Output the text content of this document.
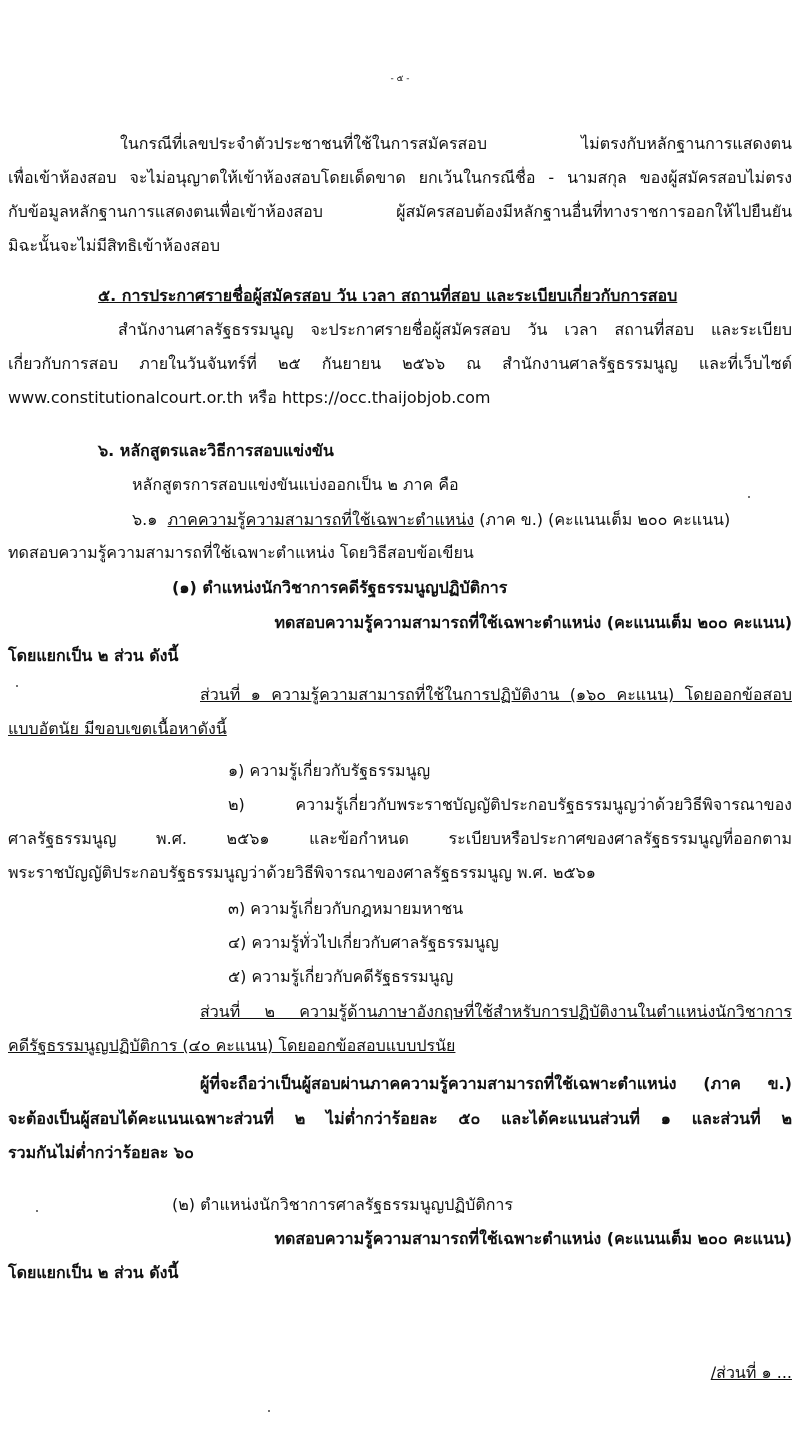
- ๕ -
ในกรณีที่เลขประจำตัวประชาชนที่ใช้ในการสมัครสอบ ไม่ตรงกับหลักฐานการแสดงตน
เพื่อเข้าห้องสอบ จะไม่อนุญาตให้เข้าห้องสอบโดยเด็ดขาด ยกเว้นในกรณีชื่อ - นามสกุล ของผู้สมัครสอบไม่ตรง
กับข้อมูลหลักฐานการแสดงตนเพื่อเข้าห้องสอบ ผู้สมัครสอบต้องมีหลักฐานอื่นที่ทางราชการออกให้ไปยืนยัน
มิฉะนั้นจะไม่มีสิทธิเข้าห้องสอบ
๕. การประกาศรายชื่อผู้สมัครสอบ วัน เวลา สถานที่สอบ และระเบียบเกี่ยวกับการสอบ
สำนักงานศาลรัฐธรรมนูญ จะประกาศรายชื่อผู้สมัครสอบ วัน เวลา สถานที่สอบ และระเบียบ
เกี่ยวกับการสอบ ภายในวันจันทร์ที่ ๒๕ กันยายน ๒๕๖๖ ณ สำนักงานศาลรัฐธรรมนูญ และที่เว็บไซต์
www.constitutionalcourt.or.th หรือ https://occ.thaijobjob.com
๖. หลักสูตรและวิธีการสอบแข่งขัน
หลักสูตรการสอบแข่งขันแบ่งออกเป็น ๒ ภาค คือ
๖.๑ ภาคความรู้ความสามารถที่ใช้เฉพาะตำแหน่ง (ภาค ข.) (คะแนนเต็ม ๒๐๐ คะแนน)
ทดสอบความรู้ความสามารถที่ใช้เฉพาะตำแหน่ง โดยวิธีสอบข้อเขียน
(๑) ตำแหน่งนักวิชาการคดีรัฐธรรมนูญปฏิบัติการ
ทดสอบความรู้ความสามารถที่ใช้เฉพาะตำแหน่ง (คะแนนเต็ม ๒๐๐ คะแนน)
โดยแยกเป็น ๒ ส่วน ดังนี้
ส่วนที่ ๑ ความรู้ความสามารถที่ใช้ในการปฏิบัติงาน (๑๖๐ คะแนน) โดยออกข้อสอบ
แบบอัตนัย มีขอบเขตเนื้อหาดังนี้
๑) ความรู้เกี่ยวกับรัฐธรรมนูญ
๒) ความรู้เกี่ยวกับพระราชบัญญัติประกอบรัฐธรรมนูญว่าด้วยวิธีพิจารณาของ
ศาลรัฐธรรมนูญ พ.ศ. ๒๕๖๑ และข้อกำหนด ระเบียบหรือประกาศของศาลรัฐธรรมนูญที่ออกตาม
พระราชบัญญัติประกอบรัฐธรรมนูญว่าด้วยวิธีพิจารณาของศาลรัฐธรรมนูญ พ.ศ. ๒๕๖๑
๓) ความรู้เกี่ยวกับกฎหมายมหาชน
๔) ความรู้ทั่วไปเกี่ยวกับศาลรัฐธรรมนูญ
๕) ความรู้เกี่ยวกับคดีรัฐธรรมนูญ
ส่วนที่ ๒ ความรู้ด้านภาษาอังกฤษที่ใช้สำหรับการปฏิบัติงานในตำแหน่งนักวิชาการ
คดีรัฐธรรมนูญปฏิบัติการ (๔๐ คะแนน) โดยออกข้อสอบแบบปรนัย
ผู้ที่จะถือว่าเป็นผู้สอบผ่านภาคความรู้ความสามารถที่ใช้เฉพาะตำแหน่ง (ภาค ข.)
จะต้องเป็นผู้สอบได้คะแนนเฉพาะส่วนที่ ๒ ไม่ต่ำกว่าร้อยละ ๕๐ และได้คะแนนส่วนที่ ๑ และส่วนที่ ๒
รวมกันไม่ต่ำกว่าร้อยละ ๖๐
(๒) ตำแหน่งนักวิชาการศาลรัฐธรรมนูญปฏิบัติการ
ทดสอบความรู้ความสามารถที่ใช้เฉพาะตำแหน่ง (คะแนนเต็ม ๒๐๐ คะแนน)
โดยแยกเป็น ๒ ส่วน ดังนี้
/ส่วนที่ ๑ ...
